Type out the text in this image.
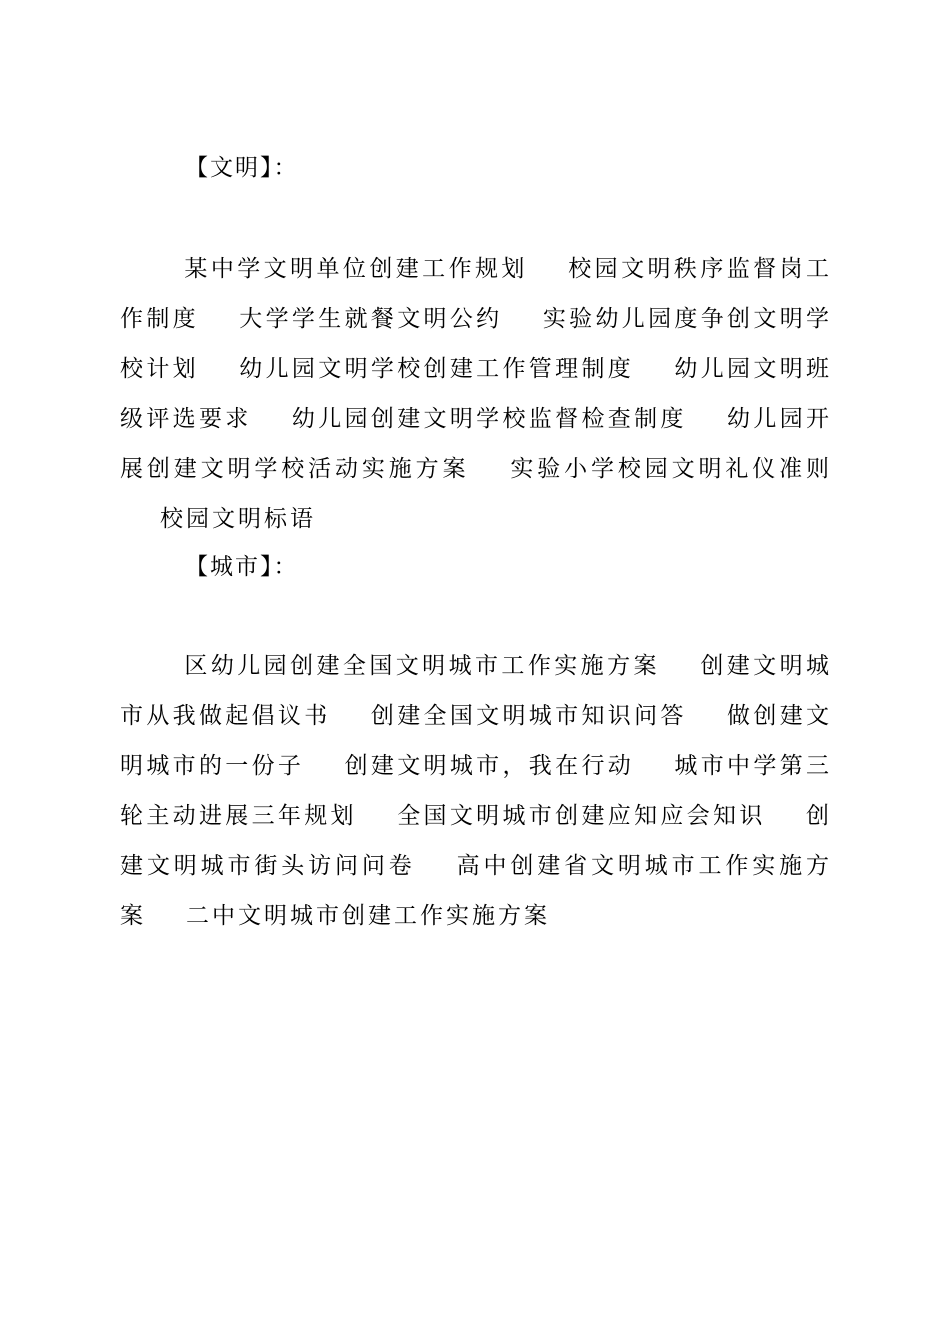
【文明】：
某中学文明单位创建工作规划 校园文明秩序监督岗工作制度 大学学生就餐文明公约 实验幼儿园度争创文明学校计划 幼儿园文明学校创建工作管理制度 幼儿园文明班级评选要求 幼儿园创建文明学校监督检查制度 幼儿园开展创建文明学校活动实施方案 实验小学校园文明礼仪准则校园文明标语
【城市】：
区幼儿园创建全国文明城市工作实施方案 创建文明城市从我做起倡议书 创建全国文明城市知识问答 做创建文明城市的一份子 创建文明城市，我在行动 城市中学第三轮主动进展三年规划 全国文明城市创建应知应会知识 创建文明城市街头访问问卷 高中创建省文明城市工作实施方案 二中文明城市创建工作实施方案
